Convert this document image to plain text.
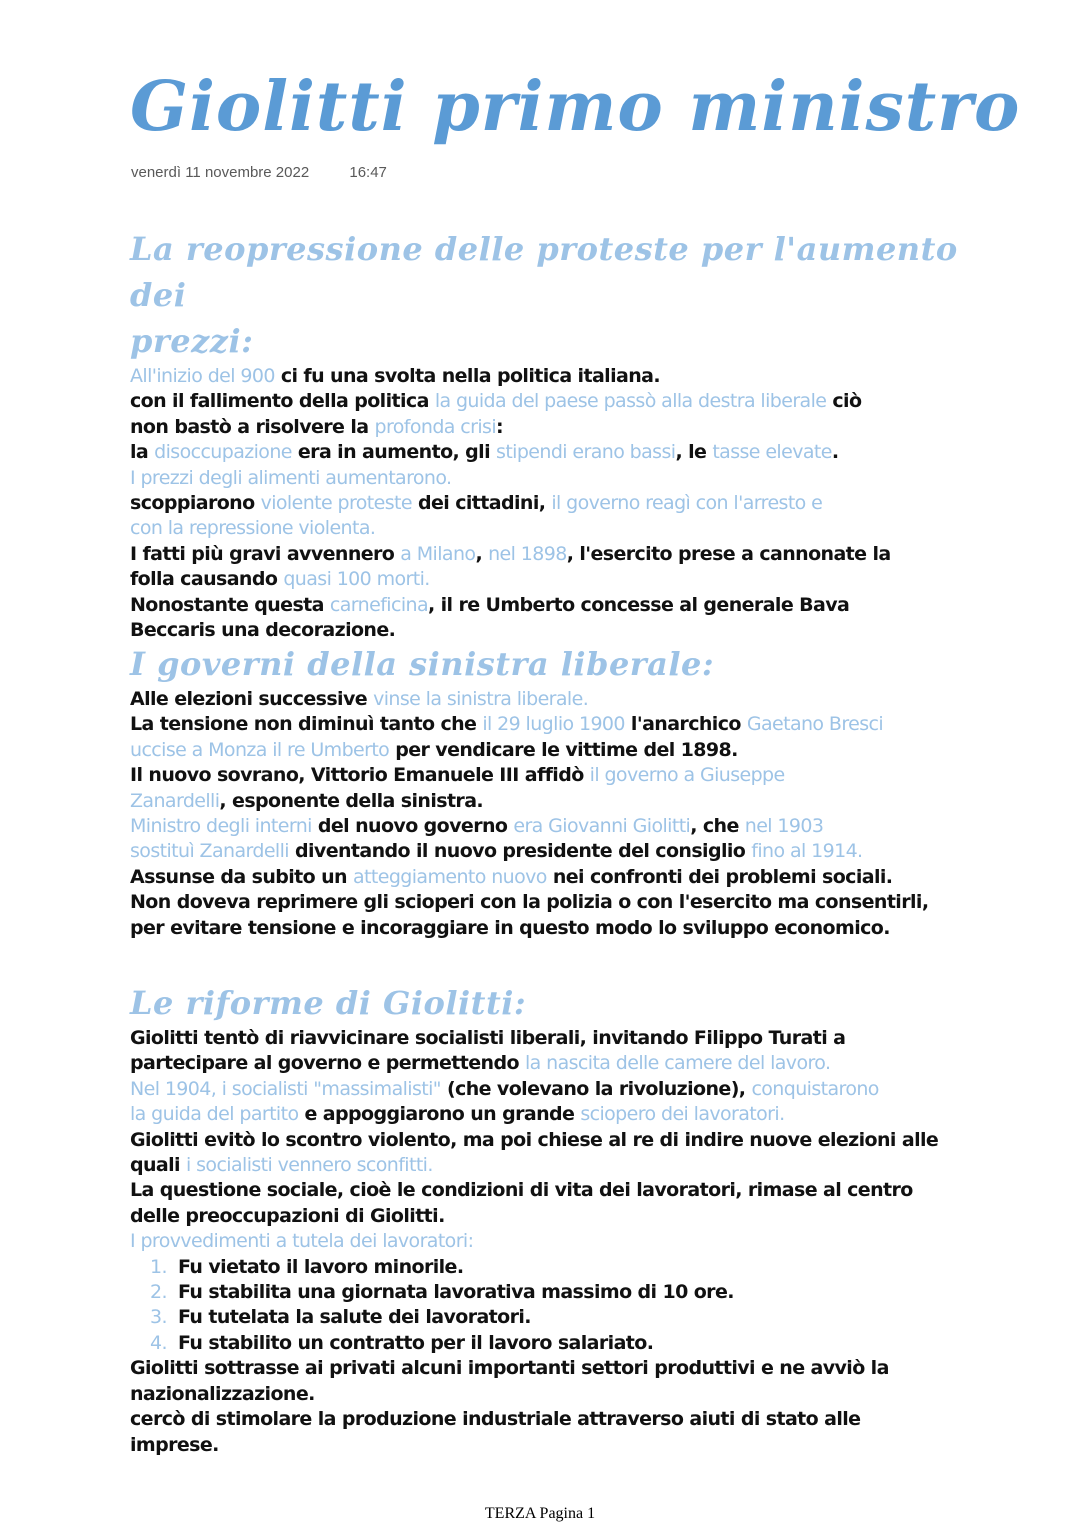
Giolitti primo ministro
venerdì 11 novembre 2022	16:47
La reopressione delle proteste per l'aumento dei
prezzi:
All'inizio del 900 ci fu una svolta nella politica italiana.
con il fallimento della politica la guida del paese passò alla destra liberale ciò
non bastò a risolvere la profonda crisi:
la disoccupazione era in aumento, gli stipendi erano bassi, le tasse elevate.
I prezzi degli alimenti aumentarono.
scoppiarono violente proteste dei cittadini, il governo reagì con l'arresto e
con la repressione violenta.
I fatti più gravi avvennero a Milano, nel 1898, l'esercito prese a cannonate la
folla causando quasi 100 morti.
Nonostante questa carneficina, il re Umberto concesse al generale Bava
Beccaris una decorazione.
I governi della sinistra liberale:
Alle elezioni successive vinse la sinistra liberale.
La tensione non diminuì tanto che il 29 luglio 1900 l'anarchico Gaetano Bresci
uccise a Monza il re Umberto per vendicare le vittime del 1898.
Il nuovo sovrano, Vittorio Emanuele III affidò il governo a Giuseppe
Zanardelli, esponente della sinistra.
Ministro degli interni del nuovo governo era Giovanni Giolitti, che nel 1903
sostituì Zanardelli diventando il nuovo presidente del consiglio fino al 1914.
Assunse da subito un atteggiamento nuovo nei confronti dei problemi sociali.
Non doveva reprimere gli scioperi con la polizia o con l'esercito ma consentirli,
per evitare tensione e incoraggiare in questo modo lo sviluppo economico.
Le riforme di Giolitti:
Giolitti tentò di riavvicinare socialisti liberali, invitando Filippo Turati a
partecipare al governo e permettendo la nascita delle camere del lavoro.
Nel 1904, i socialisti "massimalisti" (che volevano la rivoluzione), conquistarono
la guida del partito e appoggiarono un grande sciopero dei lavoratori.
Giolitti evitò lo scontro violento, ma poi chiese al re di indire nuove elezioni alle
quali i socialisti vennero sconfitti.
La questione sociale, cioè le condizioni di vita dei lavoratori, rimase al centro
delle preoccupazioni di Giolitti.
I provvedimenti a tutela dei lavoratori:
1. Fu vietato il lavoro minorile.
2. Fu stabilita una giornata lavorativa massimo di 10 ore.
3. Fu tutelata la salute dei lavoratori.
4. Fu stabilito un contratto per il lavoro salariato.
Giolitti sottrasse ai privati alcuni importanti settori produttivi e ne avviò la
nazionalizzazione.
cercò di stimolare la produzione industriale attraverso aiuti di stato alle
imprese.
TERZA Pagina 1
